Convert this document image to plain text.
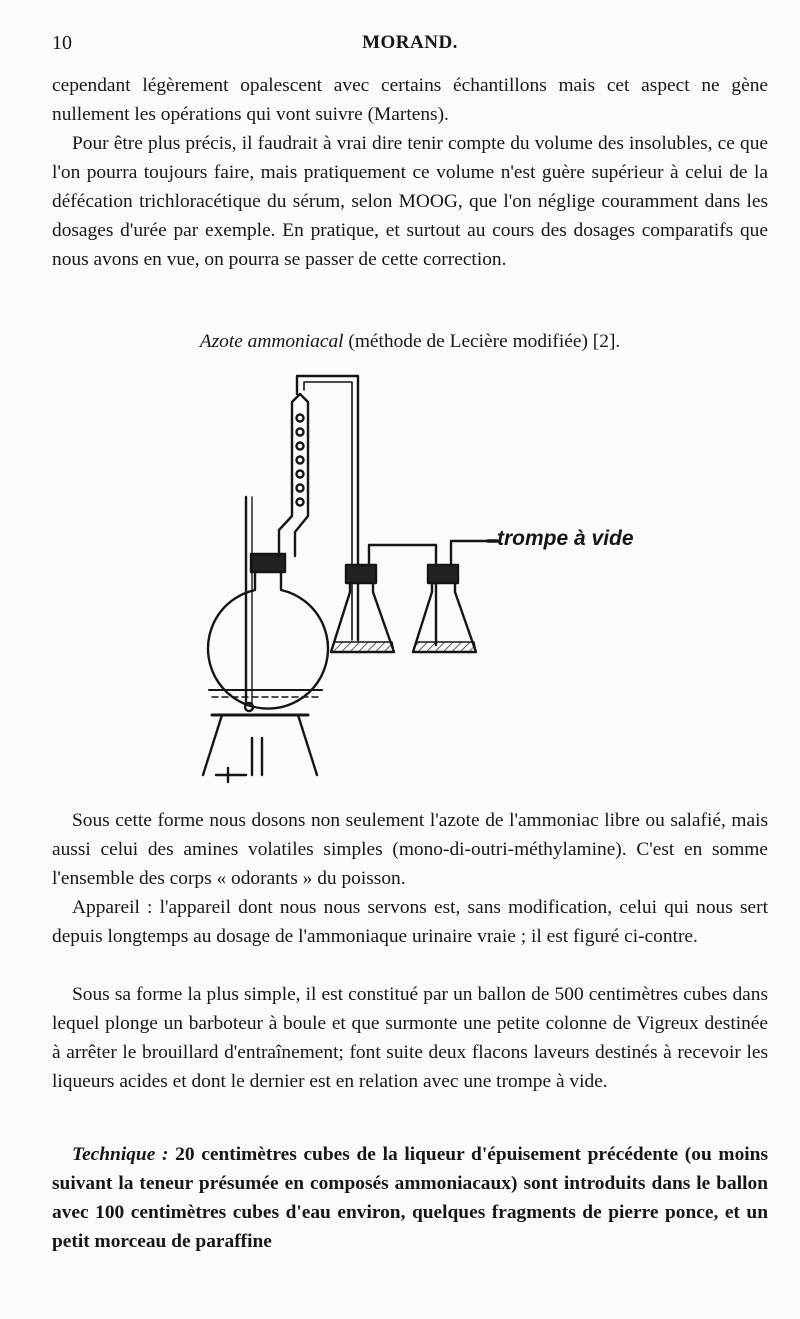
10	MORAND.

cependant légèrement opalescent avec certains échantillons mais cet aspect ne gène nullement les opérations qui vont suivre (Martens).

Pour être plus précis, il faudrait à vrai dire tenir compte du volume des insolubles, ce que l'on pourra toujours faire, mais pratiquement ce volume n'est guère supérieur à celui de la défécation trichloracétique du sérum, selon MOOG, que l'on néglige couramment dans les dosages d'urée par exemple. En pratique, et surtout au cours des dosages comparatifs que nous avons en vue, on pourra se passer de cette correction.

Azote ammoniacal (méthode de Lecière modifiée) [2].
trompe à vide

Sous cette forme nous dosons non seulement l'azote de l'ammoniac libre ou salafié, mais aussi celui des amines volatiles simples (mono-di-outri-méthylamine). C'est en somme l'ensemble des corps « odorants » du poisson.

Appareil : l'appareil dont nous nous servons est, sans modification, celui qui nous sert depuis longtemps au dosage de l'ammoniaque urinaire vraie ; il est figuré ci-contre.

Sous sa forme la plus simple, il est constitué par un ballon de 500 centimètres cubes dans lequel plonge un barboteur à boule et que surmonte une petite colonne de Vigreux destinée à arrêter le brouillard d'entraînement; font suite deux flacons laveurs destinés à recevoir les liqueurs acides et dont le dernier est en relation avec une trompe à vide.

Technique : 20 centimètres cubes de la liqueur d'épuisement précédente (ou moins suivant la teneur présumée en composés ammoniacaux) sont introduits dans le ballon avec 100 centimètres cubes d'eau environ, quelques fragments de pierre ponce, et un petit morceau de paraffine
